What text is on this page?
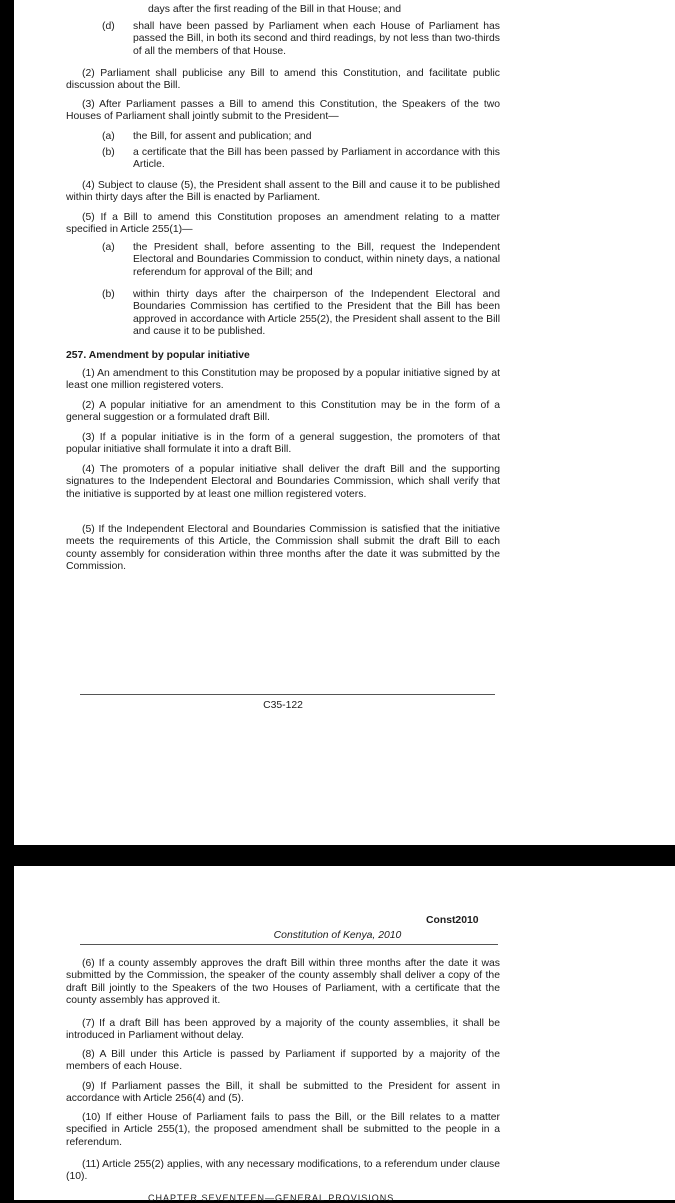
days after the first reading of the Bill in that House; and

(d) shall have been passed by Parliament when each House of Parliament has passed the Bill, in both its second and third readings, by not less than two-thirds of all the members of that House.

(2) Parliament shall publicise any Bill to amend this Constitution, and facilitate public discussion about the Bill.

(3) After Parliament passes a Bill to amend this Constitution, the Speakers of the two Houses of Parliament shall jointly submit to the President—

(a) the Bill, for assent and publication; and
(b) a certificate that the Bill has been passed by Parliament in accordance with this Article.

(4) Subject to clause (5), the President shall assent to the Bill and cause it to be published within thirty days after the Bill is enacted by Parliament.

(5) If a Bill to amend this Constitution proposes an amendment relating to a matter specified in Article 255(1)—

(a) the President shall, before assenting to the Bill, request the Independent Electoral and Boundaries Commission to conduct, within ninety days, a national referendum for approval of the Bill; and
(b) within thirty days after the chairperson of the Independent Electoral and Boundaries Commission has certified to the President that the Bill has been approved in accordance with Article 255(2), the President shall assent to the Bill and cause it to be published.

257. Amendment by popular initiative

(1) An amendment to this Constitution may be proposed by a popular initiative signed by at least one million registered voters.

(2) A popular initiative for an amendment to this Constitution may be in the form of a general suggestion or a formulated draft Bill.

(3) If a popular initiative is in the form of a general suggestion, the promoters of that popular initiative shall formulate it into a draft Bill.

(4) The promoters of a popular initiative shall deliver the draft Bill and the supporting signatures to the Independent Electoral and Boundaries Commission, which shall verify that the initiative is supported by at least one million registered voters.

(5) If the Independent Electoral and Boundaries Commission is satisfied that the initiative meets the requirements of this Article, the Commission shall submit the draft Bill to each county assembly for consideration within three months after the date it was submitted by the Commission.

C35-122
Const2010
Constitution of Kenya, 2010

(6) If a county assembly approves the draft Bill within three months after the date it was submitted by the Commission, the speaker of the county assembly shall deliver a copy of the draft Bill jointly to the Speakers of the two Houses of Parliament, with a certificate that the county assembly has approved it.

(7) If a draft Bill has been approved by a majority of the county assemblies, it shall be introduced in Parliament without delay.

(8) A Bill under this Article is passed by Parliament if supported by a majority of the members of each House.

(9) If Parliament passes the Bill, it shall be submitted to the President for assent in accordance with Article 256(4) and (5).

(10) If either House of Parliament fails to pass the Bill, or the Bill relates to a matter specified in Article 255(1), the proposed amendment shall be submitted to the people in a referendum.

(11) Article 255(2) applies, with any necessary modifications, to a referendum under clause (10).

CHAPTER SEVENTEEN—GENERAL PROVISIONS
